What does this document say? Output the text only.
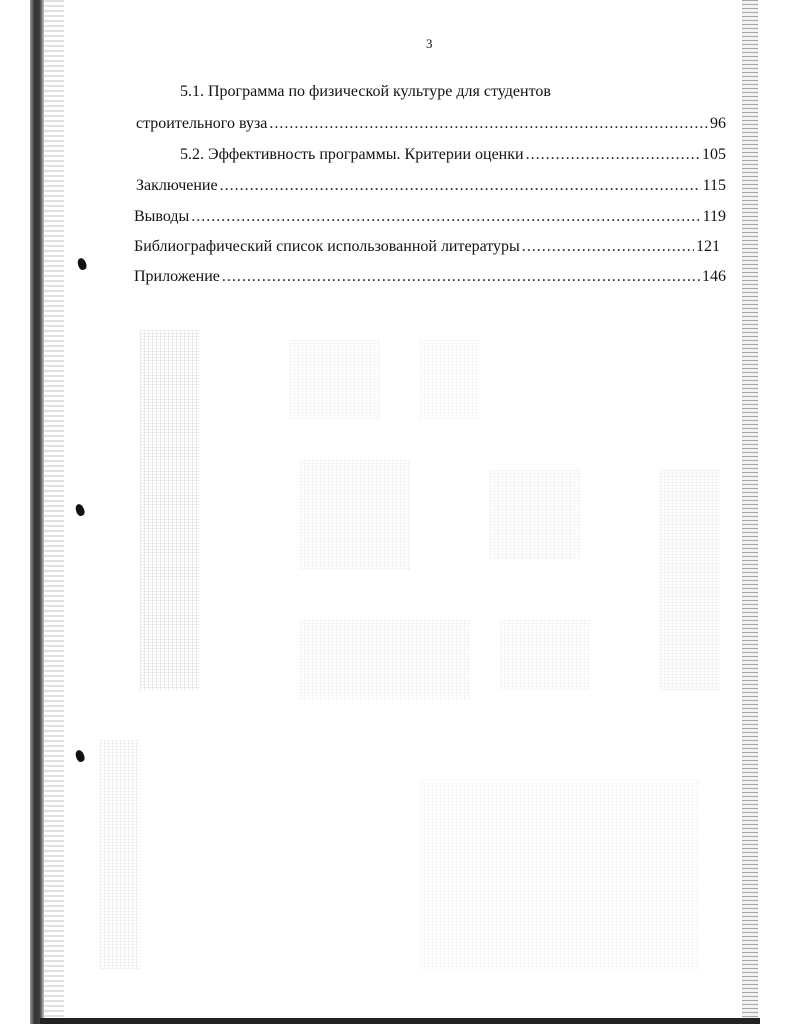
3
5.1. Программа по физической культуре для студентов
строительного вуза .....	96
5.2. Эффективность программы. Критерии оценки .....	105
Заключение .....	115
Выводы .....	119
Библиографический список использованной литературы .....	121
Приложение .....	146
